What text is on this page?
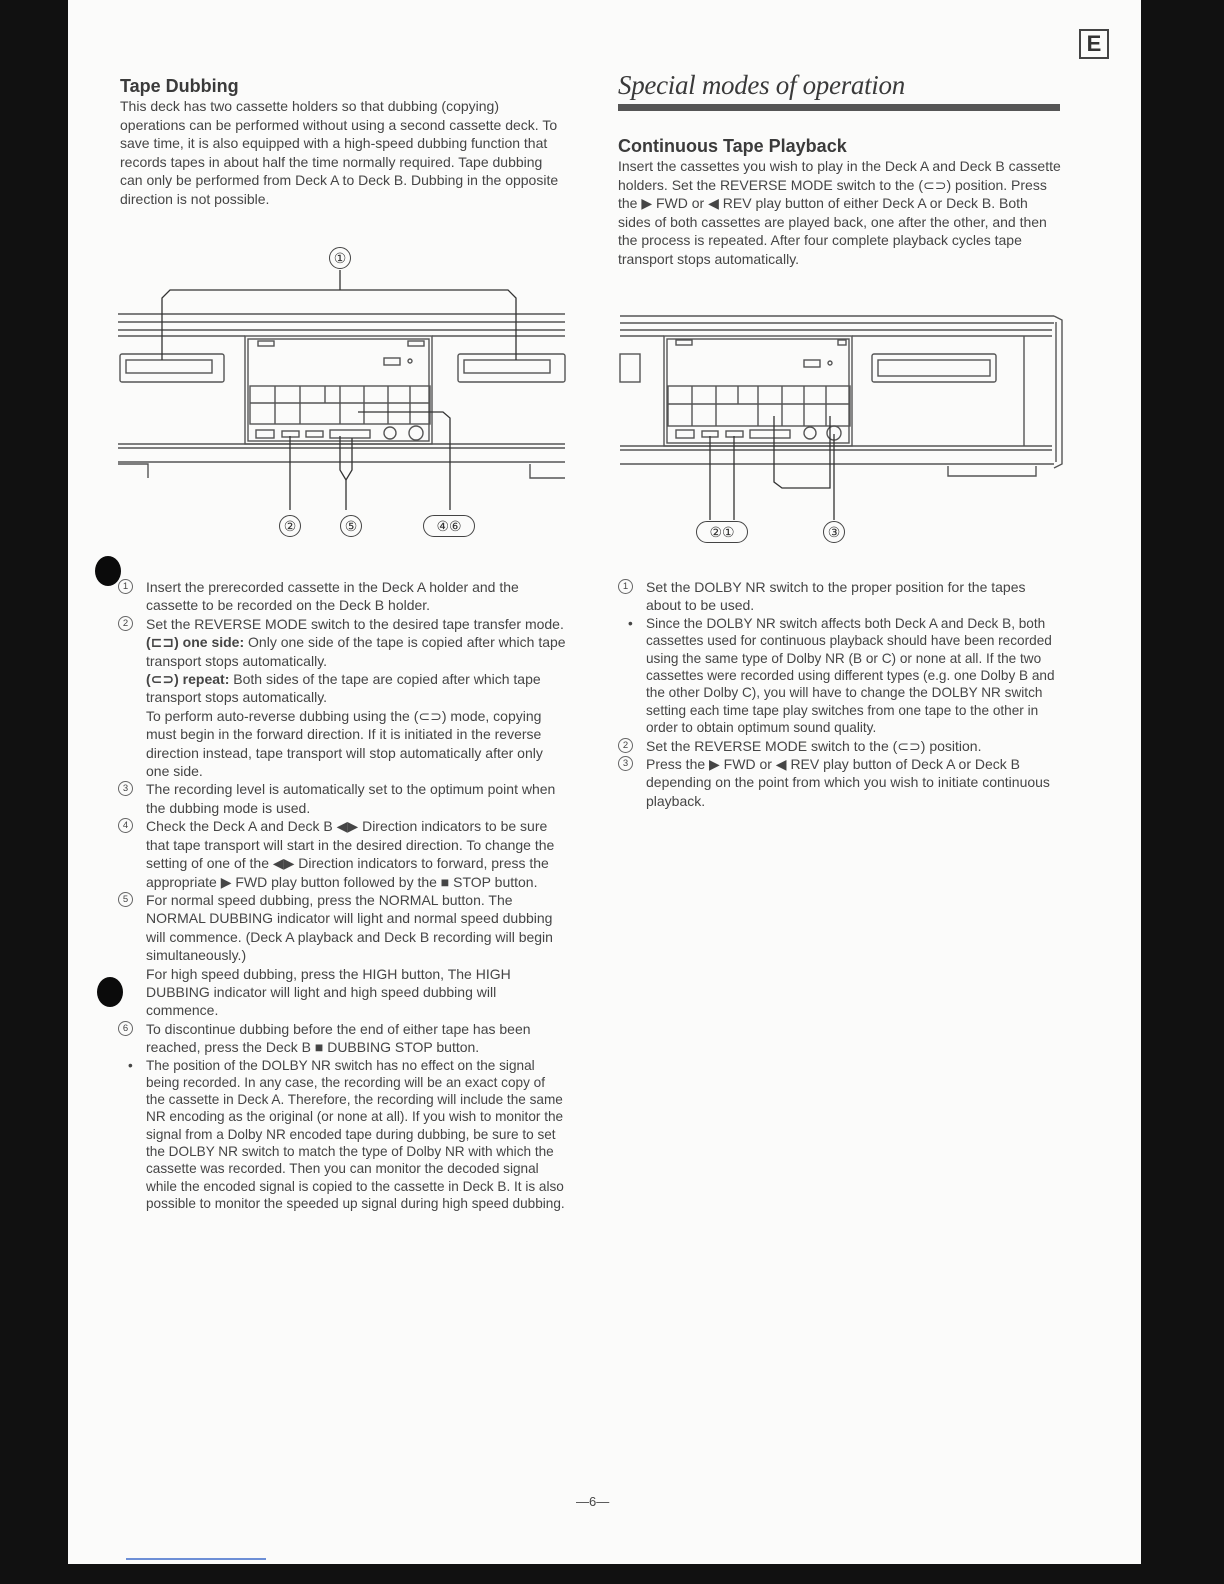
E
Tape Dubbing

This deck has two cassette holders so that dubbing (copying) operations can be performed without using a second cassette deck. To save time, it is also equipped with a high-speed dubbing function that records tapes in about half the time normally required. Tape dubbing can only be performed from Deck A to Deck B. Dubbing in the opposite direction is not possible.

①
②	⑤	④⑥
1	Insert the prerecorded cassette in the Deck A holder and the cassette to be recorded on the Deck B holder.
2	Set the REVERSE MODE switch to the desired tape transfer mode.
(⊏⊐) one side: Only one side of the tape is copied after which tape transport stops automatically.
(⊂⊃) repeat: Both sides of the tape are copied after which tape transport stops automatically.
To perform auto-reverse dubbing using the (⊂⊃) mode, copying must begin in the forward direction. If it is initiated in the reverse direction instead, tape transport will stop automatically after only one side.
3	The recording level is automatically set to the optimum point when the dubbing mode is used.
4	Check the Deck A and Deck B ◀▶ Direction indicators to be sure that tape transport will start in the desired direction. To change the setting of one of the ◀▶ Direction indicators to forward, press the appropriate ▶ FWD play button followed by the ■ STOP button.
5	For normal speed dubbing, press the NORMAL button. The NORMAL DUBBING indicator will light and normal speed dubbing will commence. (Deck A playback and Deck B recording will begin simultaneously.)
For high speed dubbing, press the HIGH button, The HIGH DUBBING indicator will light and high speed dubbing will commence.
6	To discontinue dubbing before the end of either tape has been reached, press the Deck B ■ DUBBING STOP button.
• The position of the DOLBY NR switch has no effect on the signal being recorded. In any case, the recording will be an exact copy of the cassette in Deck A. Therefore, the recording will include the same NR encoding as the original (or none at all). If you wish to monitor the signal from a Dolby NR encoded tape during dubbing, be sure to set the DOLBY NR switch to match the type of Dolby NR with which the cassette was recorded. Then you can monitor the decoded signal while the encoded signal is copied to the cassette in Deck B. It is also possible to monitor the speeded up signal during high speed dubbing.
Special modes of operation
Continuous Tape Playback

Insert the cassettes you wish to play in the Deck A and Deck B cassette holders. Set the REVERSE MODE switch to the (⊂⊃) position. Press the ▶ FWD or ◀ REV play button of either Deck A or Deck B. Both sides of both cassettes are played back, one after the other, and then the process is repeated. After four complete playback cycles tape transport stops automatically.

②①	③
1	Set the DOLBY NR switch to the proper position for the tapes about to be used.
• Since the DOLBY NR switch affects both Deck A and Deck B, both cassettes used for continuous playback should have been recorded using the same type of Dolby NR (B or C) or none at all. If the two cassettes were recorded using different types (e.g. one Dolby B and the other Dolby C), you will have to change the DOLBY NR switch setting each time tape play switches from one tape to the other in order to obtain optimum sound quality.
2	Set the REVERSE MODE switch to the (⊂⊃) position.
3	Press the ▶ FWD or ◀ REV play button of Deck A or Deck B depending on the point from which you wish to initiate continuous playback.
—6—
